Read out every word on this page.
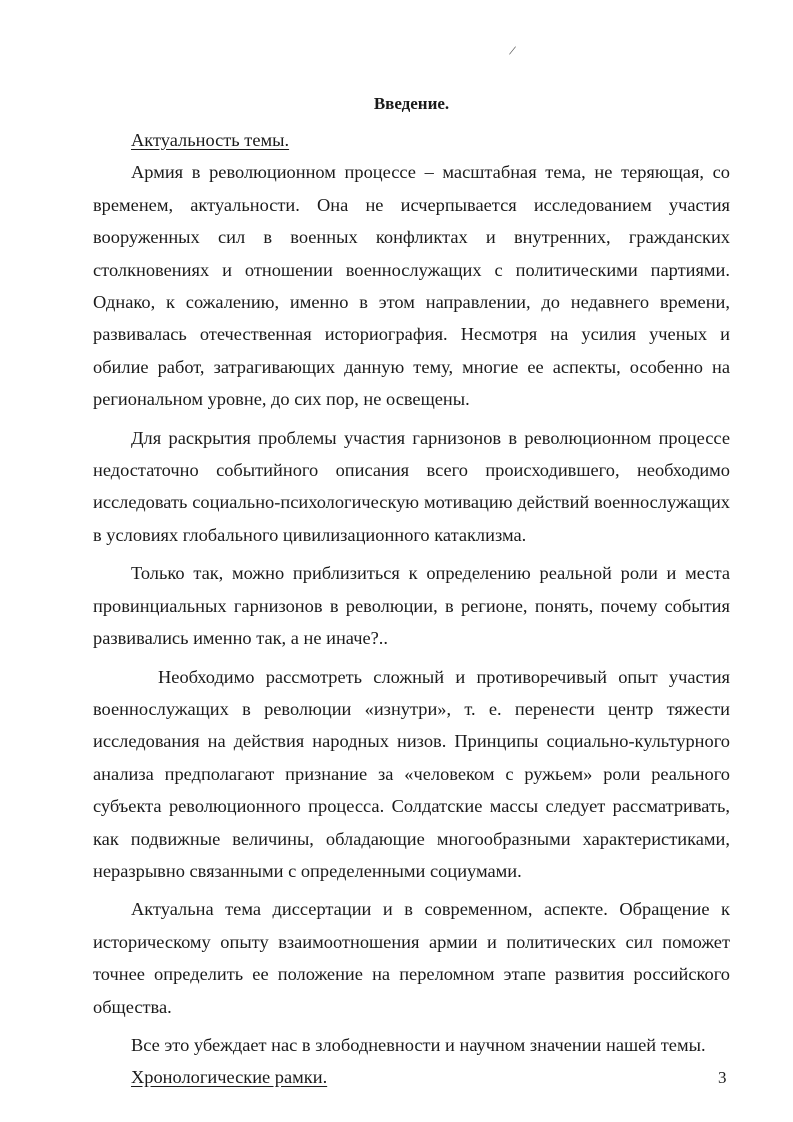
/
Введение.

Актуальность темы.

Армия в революционном процессе – масштабная тема, не теряющая, со временем, актуальности. Она не исчерпывается исследованием участия вооруженных сил в военных конфликтах и внутренних, гражданских столкновениях и отношении военнослужащих с политическими партиями. Однако, к сожалению, именно в этом направлении, до недавнего времени, развивалась отечественная историография. Несмотря на усилия ученых и обилие работ, затрагивающих данную тему, многие ее аспекты, особенно на региональном уровне, до сих пор, не освещены.

Для раскрытия проблемы участия гарнизонов в революционном процессе недостаточно событийного описания всего происходившего, необходимо исследовать социально-психологическую мотивацию действий военнослужащих в условиях глобального цивилизационного катаклизма.

Только так, можно приблизиться к определению реальной роли и места провинциальных гарнизонов в революции, в регионе, понять, почему события развивались именно так, а не иначе?..

Необходимо рассмотреть сложный и противоречивый опыт участия военнослужащих в революции «изнутри», т. е. перенести центр тяжести исследования на действия народных низов. Принципы социально-культурного анализа предполагают признание за «человеком с ружьем» роли реального субъекта революционного процесса. Солдатские массы следует рассматривать, как подвижные величины, обладающие многообразными характеристиками, неразрывно связанными с определенными социумами.

Актуальна тема диссертации и в современном, аспекте. Обращение к историческому опыту взаимоотношения армии и политических сил поможет точнее определить ее положение на переломном этапе развития российского общества.

Все это убеждает нас в злободневности и научном значении нашей темы.

Хронологические рамки.	3
